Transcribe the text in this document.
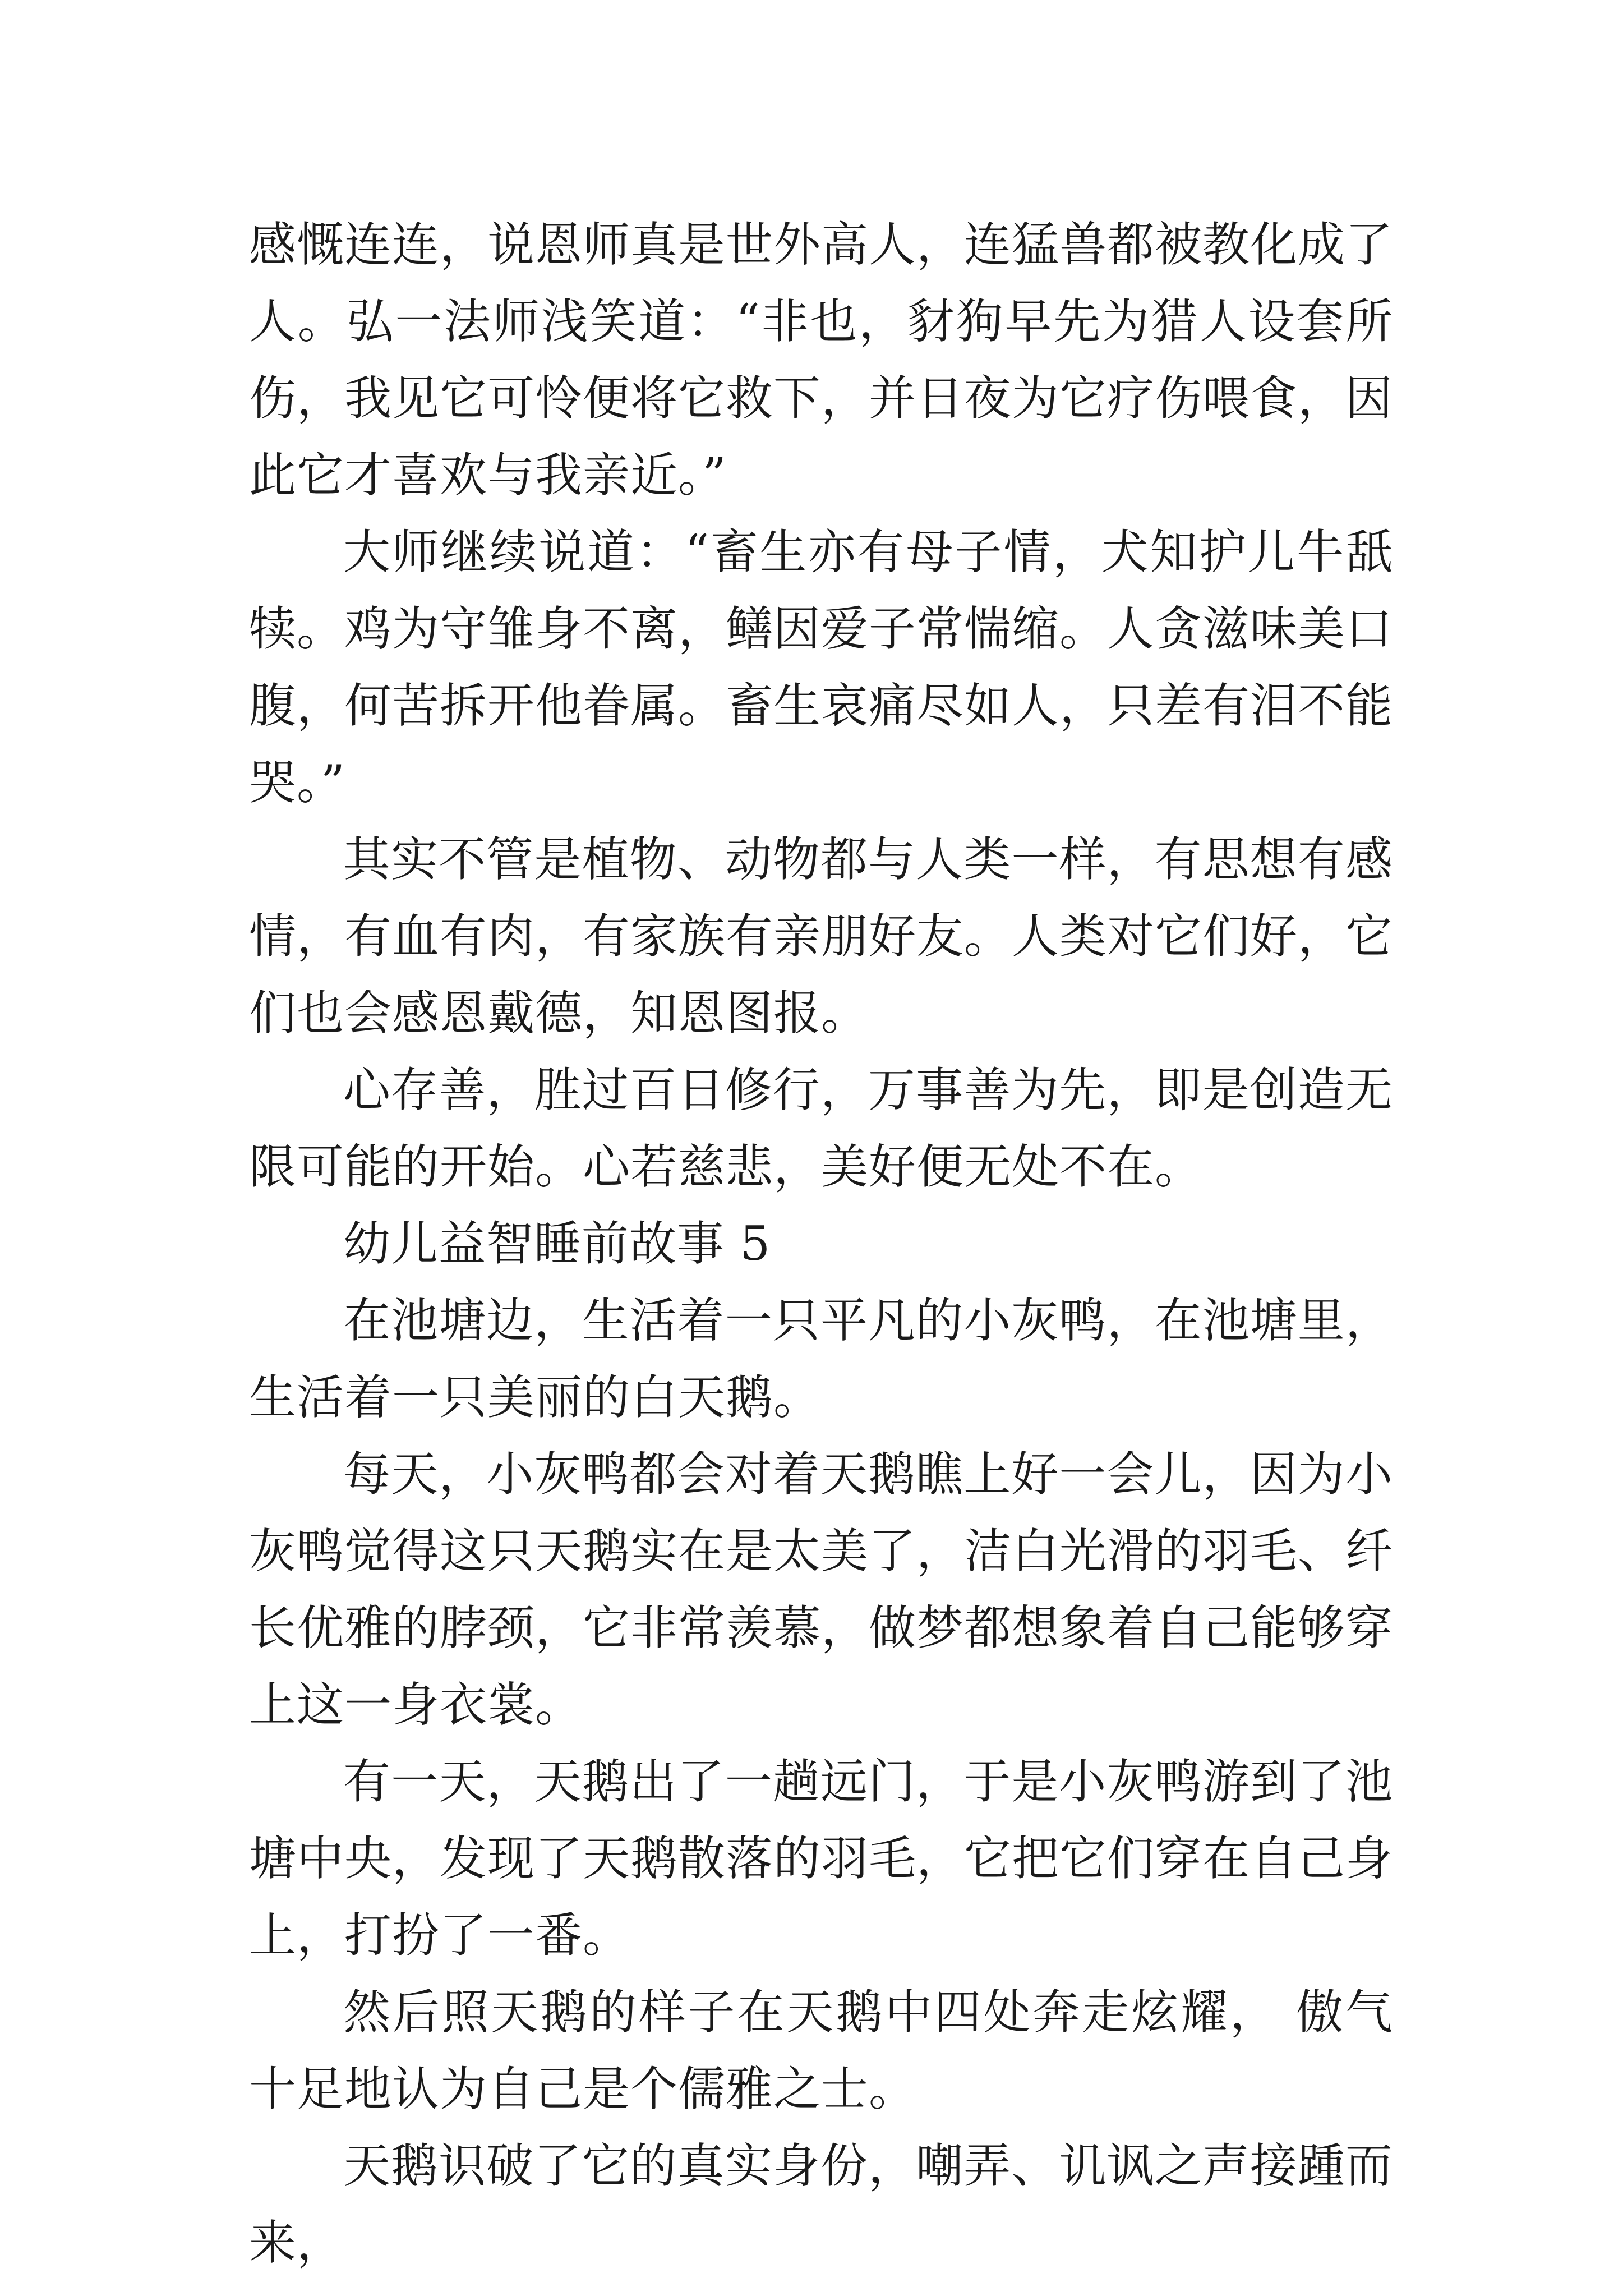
感慨连连，说恩师真是世外高人，连猛兽都被教化成了人。弘一法师浅笑道：“非也，豺狗早先为猎人设套所伤，我见它可怜便将它救下，并日夜为它疗伤喂食，因此它才喜欢与我亲近。”

大师继续说道：“畜生亦有母子情，犬知护儿牛舐犊。鸡为守雏身不离，鳝因爱子常惴缩。人贪滋味美口腹，何苦拆开他眷属。畜生哀痛尽如人，只差有泪不能哭。”

其实不管是植物、动物都与人类一样，有思想有感情，有血有肉，有家族有亲朋好友。人类对它们好，它们也会感恩戴德，知恩图报。

心存善，胜过百日修行，万事善为先，即是创造无限可能的开始。心若慈悲，美好便无处不在。

幼儿益智睡前故事 5

在池塘边，生活着一只平凡的小灰鸭，在池塘里，生活着一只美丽的白天鹅。

每天，小灰鸭都会对着天鹅瞧上好一会儿，因为小灰鸭觉得这只天鹅实在是太美了，洁白光滑的羽毛、纤长优雅的脖颈，它非常羡慕，做梦都想象着自己能够穿上这一身衣裳。

有一天，天鹅出了一趟远门，于是小灰鸭游到了池塘中央，发现了天鹅散落的羽毛，它把它们穿在自己身上，打扮了一番。

然后照天鹅的样子在天鹅中四处奔走炫耀， 傲气十足地认为自己是个儒雅之士。

天鹅识破了它的真实身份，嘲弄、讥讽之声接踵而来，
